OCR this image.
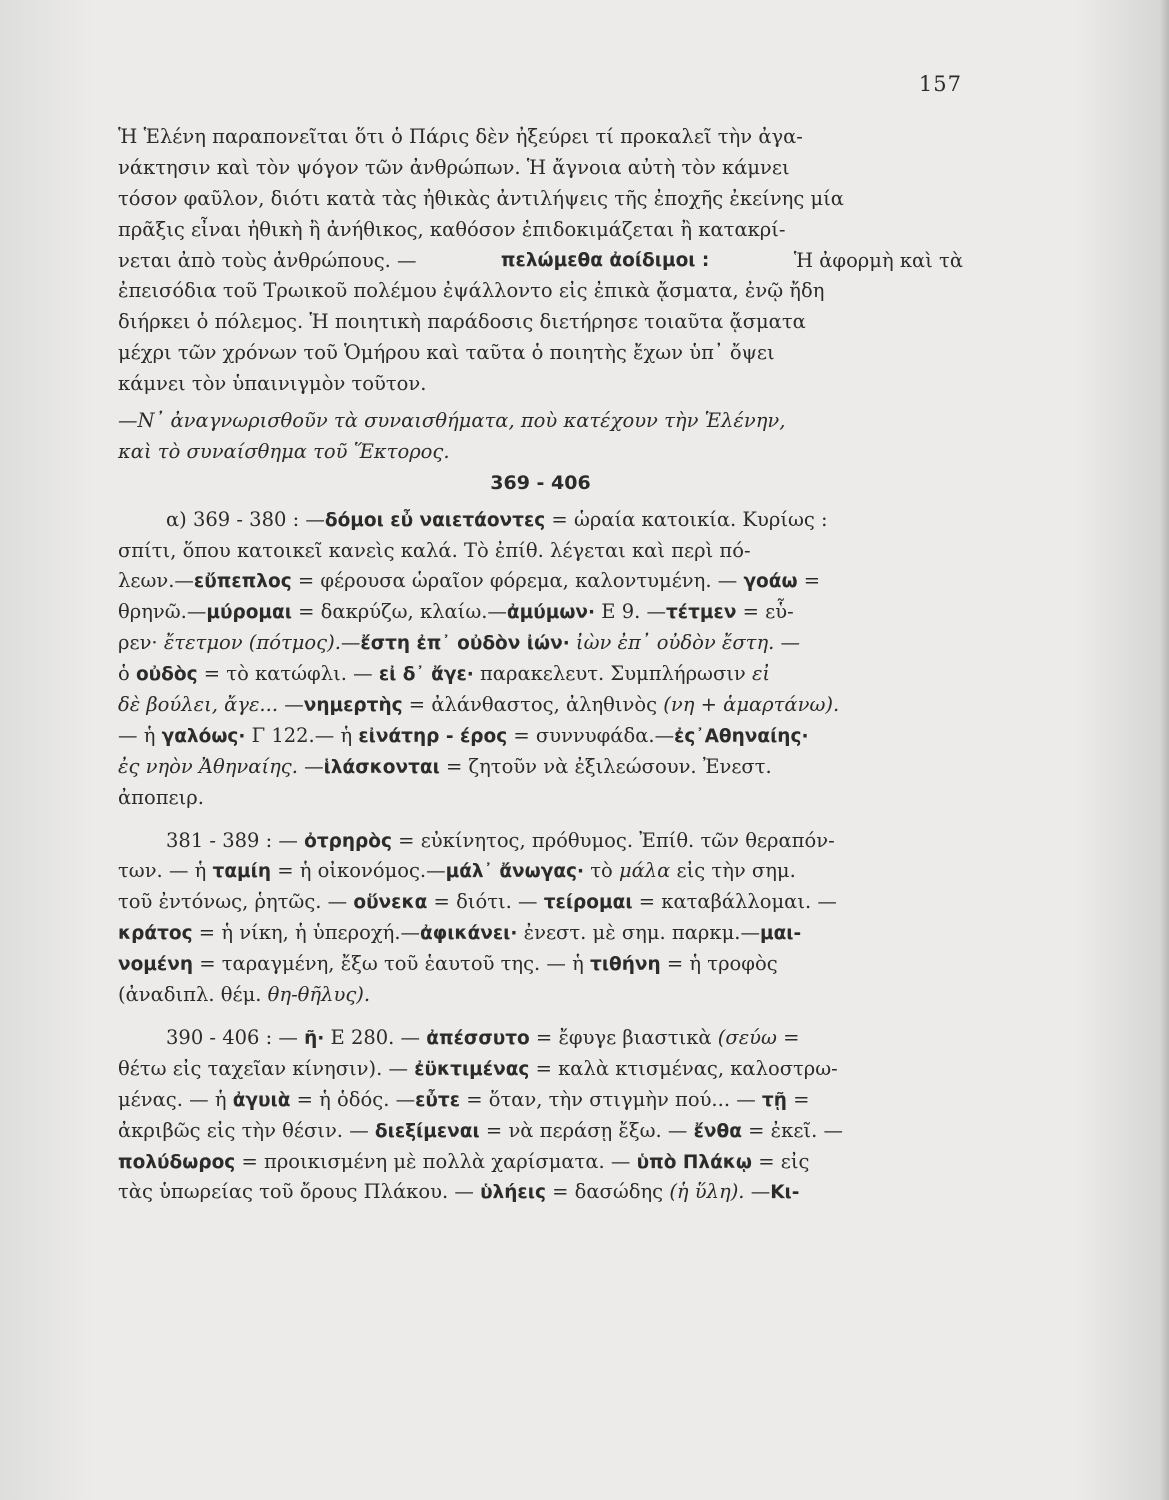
157
Ἡ Ἑλένη παραπονεῖται ὅτι ὁ Πάρις δὲν ἠξεύρει τί προκαλεῖ τὴν ἀγα-
νάκτησιν καὶ τὸν ψόγον τῶν ἀνθρώπων. Ἡ ἄγνοια αὐτὴ τὸν κάμνει
τόσον φαῦλον, διότι κατὰ τὰς ἠθικὰς ἀντιλήψεις τῆς ἐποχῆς ἐκείνης μία
πρᾶξις εἶναι ἠθικὴ ἢ ἀνήθικος, καθόσον ἐπιδοκιμάζεται ἢ κατακρί-
νεται ἀπὸ τοὺς ἀνθρώπους. —	πελώμεθα ἀοίδιμοι :	Ἡ ἀφορμὴ καὶ τὰ
ἐπεισόδια τοῦ Τρωικοῦ πολέμου ἐψάλλοντο εἰς ἐπικὰ ᾄσματα, ἐνῷ ἤδη
διήρκει ὁ πόλεμος. Ἡ ποιητικὴ παράδοσις διετήρησε τοιαῦτα ᾄσματα
μέχρι τῶν χρόνων τοῦ Ὁμήρου καὶ ταῦτα ὁ ποιητὴς ἔχων ὑπ᾽ ὄψει
κάμνει τὸν ὑπαινιγμὸν τοῦτον.
—Ν᾽ ἀναγνωρισθοῦν τὰ συναισθήματα, ποὺ κατέχουν τὴν Ἑλένην,
καὶ τὸ συναίσθημα τοῦ Ἕκτορος.
369 - 406
α) 369 - 380 : —δόμοι εὖ ναιετάοντες = ὡραία κατοικία. Κυρίως :
σπίτι, ὅπου κατοικεῖ κανεὶς καλά. Τὸ ἐπίθ. λέγεται καὶ περὶ πό-
λεων.—εὔπεπλος = φέρουσα ὡραῖον φόρεμα, καλοντυμένη. — γοάω =
θρηνῶ.—μύρομαι = δακρύζω, κλαίω.—ἀμύμων· Ε 9. —τέτμεν = εὗ-
ρεν· ἔτετμον (πότμος).—ἔστη ἐπ᾽ οὐδὸν ἰών· ἰὼν ἐπ᾽ οὐδὸν ἔστη. —
ὁ οὐδὸς = τὸ κατώφλι. — εἰ δ᾽ ἄγε· παρακελευτ. Συμπλήρωσιν εἰ
δὲ βούλει, ἄγε... —νημερτὴς = ἀλάνθαστος, ἀληθινὸς (νη + ἁμαρτάνω).
— ἡ γαλόως· Γ 122.— ἡ εἰνάτηρ - έρος = συννυφάδα.—ἐς᾽Αθηναίης·
ἐς νηὸν Ἀθηναίης. —ἱλάσκονται = ζητοῦν νὰ ἐξιλεώσουν. Ἐνεστ.
ἀποπειρ.
381 - 389 : — ὀτρηρὸς = εὐκίνητος, πρόθυμος. Ἐπίθ. τῶν θεραπόν-
των. — ἡ ταμίη = ἡ οἰκονόμος.—μάλ᾽ ἄνωγας· τὸ μάλα εἰς τὴν σημ.
τοῦ ἐντόνως, ῥητῶς. — οὕνεκα = διότι. — τείρομαι = καταβάλλομαι. —
κράτος = ἡ νίκη, ἡ ὑπεροχή.—ἀφικάνει· ἐνεστ. μὲ σημ. παρκμ.—μαι-
νομένη = ταραγμένη, ἔξω τοῦ ἑαυτοῦ της. — ἡ τιθήνη = ἡ τροφὸς
(ἀναδιπλ. θέμ. θη-θῆλυς).
390 - 406 : — ῆ· Ε 280. — ἀπέσσυτο = ἔφυγε βιαστικὰ (σεύω =
θέτω εἰς ταχεῖαν κίνησιν). — ἐϋκτιμένας = καλὰ κτισμένας, καλοστρω-
μένας. — ἡ ἀγυιὰ = ἡ ὁδός. —εὖτε = ὅταν, τὴν στιγμὴν πού... — τῇ =
ἀκριβῶς εἰς τὴν θέσιν. — διεξίμεναι = νὰ περάσῃ ἔξω. — ἔνθα = ἐκεῖ. —
πολύδωρος = προικισμένη μὲ πολλὰ χαρίσματα. — ὑπὸ Πλάκῳ = εἰς
τὰς ὑπωρείας τοῦ ὄρους Πλάκου. — ὑλήεις = δασώδης (ἡ ὕλη). —Κι-
